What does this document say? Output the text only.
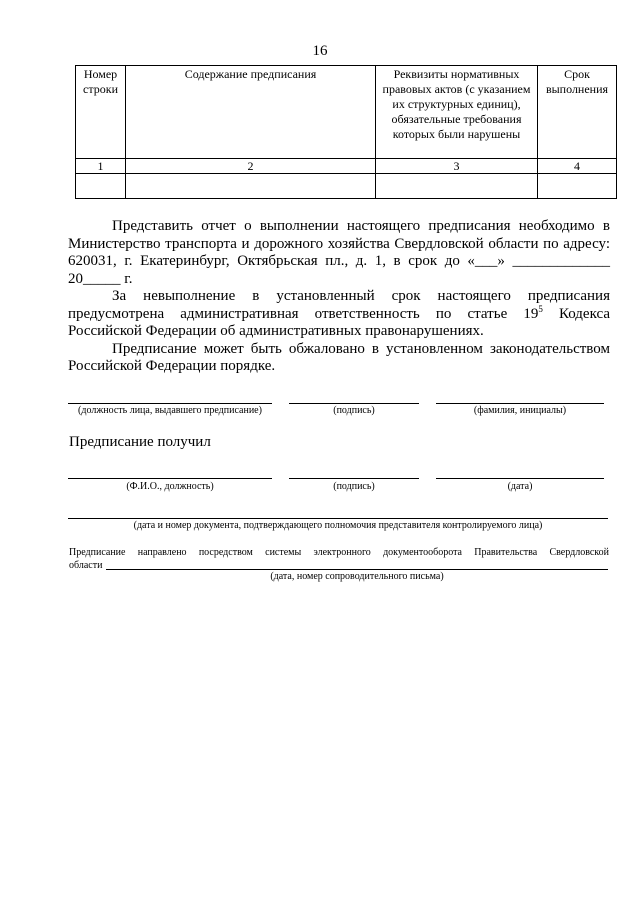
16
Номер строки	Содержание предписания	Реквизиты нормативных правовых актов (с указанием их структурных единиц), обязательные требования которых были нарушены	Срок выполнения
1	2	3	4

Представить отчет о выполнении настоящего предписания необходимо в Министерство транспорта и дорожного хозяйства Свердловской области по адресу: 620031, г. Екатеринбург, Октябрьская пл., д. 1, в срок до «___» _____________ 20_____ г.

За невыполнение в установленный срок настоящего предписания предусмотрена административная ответственность по статье $19^5$ Кодекса Российской Федерации об административных правонарушениях.

Предписание может быть обжаловано в установленном законодательством Российской Федерации порядке.

(должность лица, выдавшего предписание)	(подпись)	(фамилия, инициалы)
Предписание получил
(Ф.И.О., должность)	(подпись)	(дата)
(дата и номер документа, подтверждающего полномочия представителя контролируемого лица)
Предписание направлено посредством системы электронного документооборота Правительства Свердловской
области
(дата, номер сопроводительного письма)
